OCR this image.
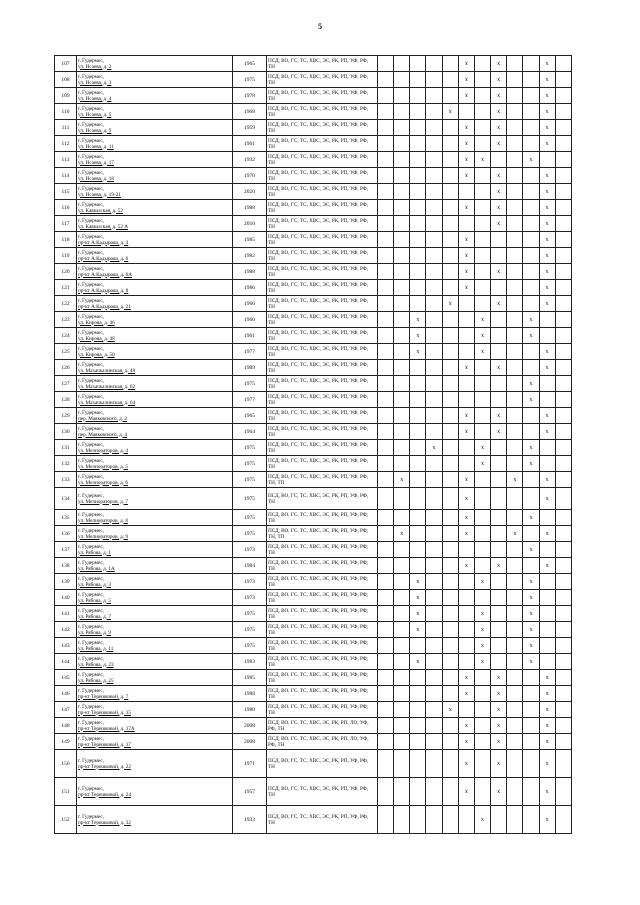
5
107	г. Гудермес,
ул. Исаева, д. 2	1965	ПСД, ВО, ГС, ТС, ХВС, ЭС, РК, РП, УФ, РФ, ТН						x		x			x	
108	г. Гудермес,
ул. Исаева, д. 3	1975	ПСД, ВО, ГС, ТС, ХВС, ЭС, РК, РП, УФ, РФ, ТН						x		x			x	
109	г. Гудермес,
ул. Исаева, д. 4	1978	ПСД, ВО, ГС, ТС, ХВС, ЭС, РК, РП, УФ, РФ, ТН						x		x			x	
110	г. Гудермес,
ул. Исаева, д. 5	1968	ПСД, ВО, ГС, ТС, ХВС, ЭС, РК, РП, УФ, РФ, ТН					x			x			x	
111	г. Гудермес,
ул. Исаева, д. 9	1959	ПСД, ВО, ГС, ТС, ХВС, ЭС, РК, РП, УФ, РФ, ТН						x		x			x	
112	г. Гудермес,
ул. Исаева, д. 11	1961	ПСД, ВО, ГС, ТС, ХВС, ЭС, РК, РП, УФ, РФ, ТН						x		x			x	
113	г. Гудермес,
ул. Исаева, д. 17	1932	ПСД, ВО, ГС, ТС, ХВС, ЭС, РК, РП, УФ, РФ, ТН						x	x			x		
114	г. Гудермес,
ул. Исаева, д. 18	1970	ПСД, ВО, ГС, ТС, ХВС, ЭС, РК, РП, УФ, РФ, ТН						x		x			x	
115	г. Гудермес,
ул. Исаева, д. 19-21	2020	ПСД, ВО, ГС, ТС, ХВС, ЭС, РК, РП, УФ, РФ, ТН								x			x	
116	г. Гудермес,
ул. Кавказская, д. 52	1988	ПСД, ВО, ГС, ТС, ХВС, ЭС, РК, РП, УФ, РФ, ТН						x		x			x	
117	г. Гудермес,
ул. Кавказская, д. 52 А	2010	ПСД, ВО, ГС, ТС, ХВС, ЭС, РК, РП, УФ, РФ, ТН								x			x	
118	г. Гудермес,
пр-кт А.Кадырова, д. 4	1985	ПСД, ВО, ГС, ТС, ХВС, ЭС, РК, РП, УФ, РФ, ТН						x					x	
119	г. Гудермес,
пр-кт А.Кадырова, д. 6	1982	ПСД, ВО, ГС, ТС, ХВС, ЭС, РК, РП, УФ, РФ, ТН						x					x	
120	г. Гудермес,
пр-кт А.Кадырова, д. 6А	1988	ПСД, ВО, ГС, ТС, ХВС, ЭС, РК, РП, УФ, РФ, ТН						x		x			x	
121	г. Гудермес,
пр-кт А.Кадырова, д. 8	1986	ПСД, ВО, ГС, ТС, ХВС, ЭС, РК, РП, УФ, РФ, ТН						x					x	
122	г. Гудермес,
пр-кт А.Кадырова, д. 21	1966	ПСД, ВО, ГС, ТС, ХВС, ЭС, РК, РП, УФ, РФ, ТН					x			x			x	
123	г. Гудермес,
ул. Кирова, д. 46	1960	ПСД, ВО, ГС, ТС, ХВС, ЭС, РК, РП, УФ, РФ, ТН			x				x			x		
124	г. Гудермес,
ул. Кирова, д. 48	1961	ПСД, ВО, ГС, ТС, ХВС, ЭС, РК, РП, УФ, РФ, ТН			x				x			x		
125	г. Гудермес,
ул. Кирова, д. 50	1977	ПСД, ВО, ГС, ТС, ХВС, ЭС, РК, РП, УФ, РФ, ТН			x				x				x	
126	г. Гудермес,
ул. Махачкалинская, д. 48	1989	ПСД, ВО, ГС, ТС, ХВС, ЭС, РК, РП, УФ, РФ, ТН						x		x			x	
127	г. Гудермес,
ул. Махачкалинская, д. 62	1975	ПСД, ВО, ГС, ТС, ХВС, ЭС, РК, РП, УФ, РФ, ТН										x		
128	г. Гудермес,
ул. Махачкалинская, д. 64	1977	ПСД, ВО, ГС, ТС, ХВС, ЭС, РК, РП, УФ, РФ, ТН										x		
129	г. Гудермес,
пер. Маяковского, д. 2	1965	ПСД, ВО, ГС, ТС, ХВС, ЭС, РК, РП, УФ, РФ, ТН						x		x			x	
130	г. Гудермес,
пер. Маяковского, д. 4	1964	ПСД, ВО, ГС, ТС, ХВС, ЭС, РК, РП, УФ, РФ, ТН						x		x			x	
131	г. Гудермес,
ул. Мелиораторов, д. 4	1975	ПСД, ВО, ГС, ТС, ХВС, ЭС, РК, РП, УФ, РФ, ТН				x			x			x		
132	г. Гудермес,
ул. Мелиораторов, д. 5	1975	ПСД, ВО, ГС, ТС, ХВС, ЭС, РК, РП, УФ, РФ, ТН							x			x		
133	г. Гудермес,
ул. Мелиораторов, д. 6	1975	ПСД, ВО, ГС, ТС, ХВС, ЭС, РК, РП, УФ, РФ, ТН, ТП		x				x			x		x	
134	г. Гудермес,
ул. Мелиораторов, д. 7	1975	ПСД, ВО, ГС, ТС, ХВС, ЭС, РК, РП, УФ, РФ, ТН						x					x	
135	г. Гудермес,
ул. Мелиораторов, д. 8	1975	ПСД, ВО, ГС, ТС, ХВС, ЭС, РК, РП, УФ, РФ, ТН						x				x		
136	г. Гудермес,
ул. Мелиораторов, д. 9	1975	ПСД, ВО, ГС, ТС, ХВС, ЭС, РК, РП, УФ, РФ, ТН, ТП		x				x			x		x	
137	г. Гудермес,
ул. Рябова, д. 1	1973	ПСД, ВО, ГС, ТС, ХВС, ЭС, РК, РП, УФ, РФ, ТН										x		
138	г. Гудермес,
ул. Рябова, д. 1А	1984	ПСД, ВО, ГС, ТС, ХВС, ЭС, РК, РП, УФ, РФ, ТН						x		x			x	
139	г. Гудермес,
ул. Рябова, д. 3	1973	ПСД, ВО, ГС, ТС, ХВС, ЭС, РК, РП, УФ, РФ, ТН			x				x			x		
140	г. Гудермес,
ул. Рябова, д. 5	1973	ПСД, ВО, ГС, ТС, ХВС, ЭС, РК, РП, УФ, РФ, ТН			x							x		
141	г. Гудермес,
ул. Рябова, д. 7	1975	ПСД, ВО, ГС, ТС, ХВС, ЭС, РК, РП, УФ, РФ, ТН			x				x			x		
142	г. Гудермес,
ул. Рябова, д. 9	1975	ПСД, ВО, ГС, ТС, ХВС, ЭС, РК, РП, УФ, РФ, ТН			x				x			x		
143	г. Гудермес,
ул. Рябова, д. 11	1975	ПСД, ВО, ГС, ТС, ХВС, ЭС, РК, РП, УФ, РФ, ТН							x			x		
144	г. Гудермес,
ул. Рябова, д. 23	1983	ПСД, ВО, ГС, ТС, ХВС, ЭС, РК, РП, УФ, РФ, ТН			x				x			x		
145	г. Гудермес,
ул. Рябова, д. 25	1985	ПСД, ВО, ГС, ТС, ХВС, ЭС, РК, РП, УФ, РФ, ТН						x		x			x	
146	г. Гудермес,
пр-кт Терешковой, д. 7	1988	ПСД, ВО, ГС, ТС, ХВС, ЭС, РК, РП, УФ, РФ, ТН						x		x			x	
147	г. Гудермес,
пр-кт Терешковой, д. 15	1980	ПСД, ВО, ГС, ТС, ХВС, ЭС, РК, РП, УФ, РФ, ТН					x			x			x	
148	г. Гудермес,
пр-кт Терешковой, д. 17А	2008	ПСД, ВО, ГС, ТС, ХВС, ЭС, РК, РП, ЛО, УФ, РФ, ТН						x		x			x	
149	г. Гудермес,
пр-кт Терешковой, д. 17	2008	ПСД, ВО, ГС, ТС, ХВС, ЭС, РК, РП, ЛО, УФ, РФ, ТН						x		x			x	
150	г. Гудермес,
пр-кт Терешковой, д. 22	1971	ПСД, ВО, ГС, ТС, ХВС, ЭС, РК, РП, УФ, РФ, ТН						x		x			x	
151	г. Гудермес,
пр-кт Терешковой, д. 24	1957	ПСД, ВО, ГС, ТС, ХВС, ЭС, РК, РП, УФ, РФ, ТН						x		x			x	
152	г. Гудермес,
пр-кт Терешковой, д. 32	1933	ПСД, ВО, ГС, ТС, ХВС, ЭС, РК, РП, УФ, РФ, ТН							x				x	
